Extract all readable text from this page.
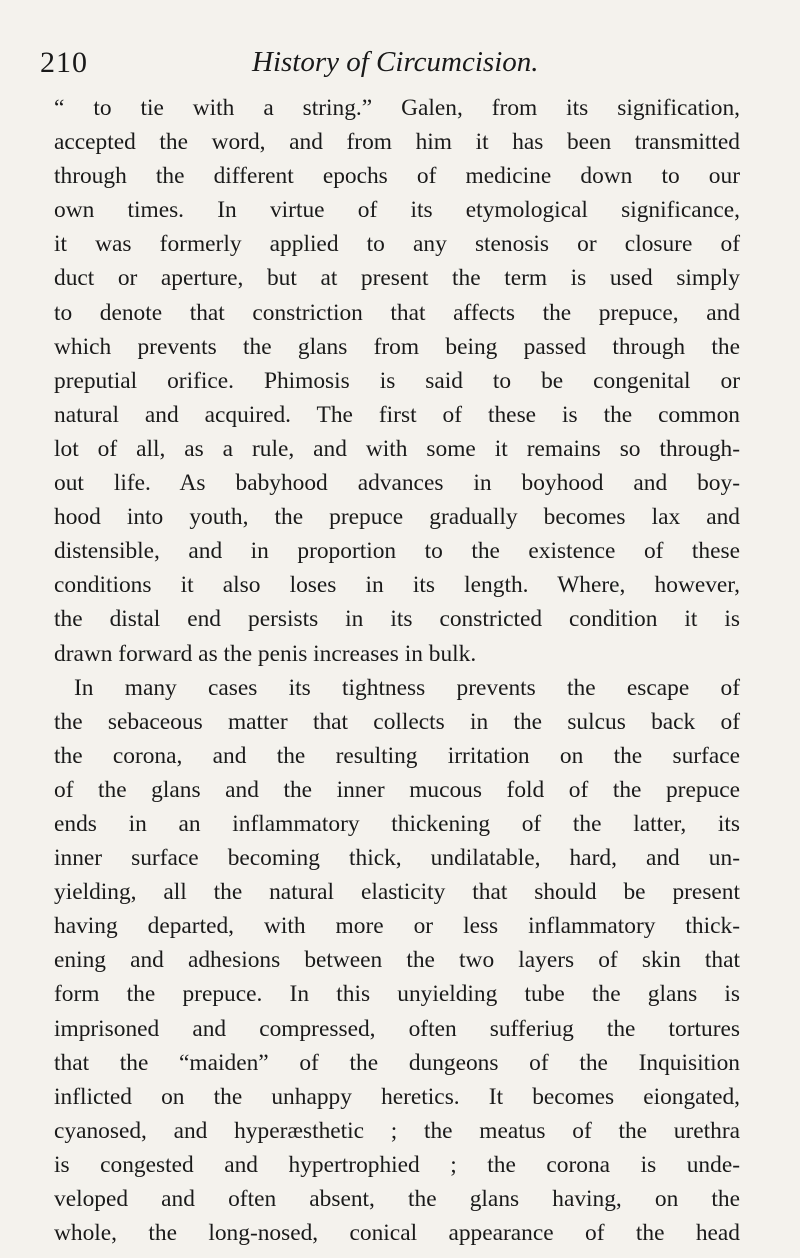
210	History of Circumcision.
“ to tie with a string.” Galen, from its signification,
accepted the word, and from him it has been transmitted
through the different epochs of medicine down to our
own times. In virtue of its etymological significance,
it was formerly applied to any stenosis or closure of
duct or aperture, but at present the term is used simply
to denote that constriction that affects the prepuce, and
which prevents the glans from being passed through the
preputial orifice. Phimosis is said to be congenital or
natural and acquired. The first of these is the common
lot of all, as a rule, and with some it remains so through-
out life. As babyhood advances in boyhood and boy-
hood into youth, the prepuce gradually becomes lax and
distensible, and in proportion to the existence of these
conditions it also loses in its length. Where, however,
the distal end persists in its constricted condition it is
drawn forward as the penis increases in bulk.
In many cases its tightness prevents the escape of
the sebaceous matter that collects in the sulcus back of
the corona, and the resulting irritation on the surface
of the glans and the inner mucous fold of the prepuce
ends in an inflammatory thickening of the latter, its
inner surface becoming thick, undilatable, hard, and un-
yielding, all the natural elasticity that should be present
having departed, with more or less inflammatory thick-
ening and adhesions between the two layers of skin that
form the prepuce. In this unyielding tube the glans is
imprisoned and compressed, often sufferiug the tortures
that the “maiden” of the dungeons of the Inquisition
inflicted on the unhappy heretics. It becomes eiongated,
cyanosed, and hyperæsthetic ; the meatus of the urethra
is congested and hypertrophied ; the corona is unde-
veloped and often absent, the glans having, on the
whole, the long-nosed, conical appearance of the head
